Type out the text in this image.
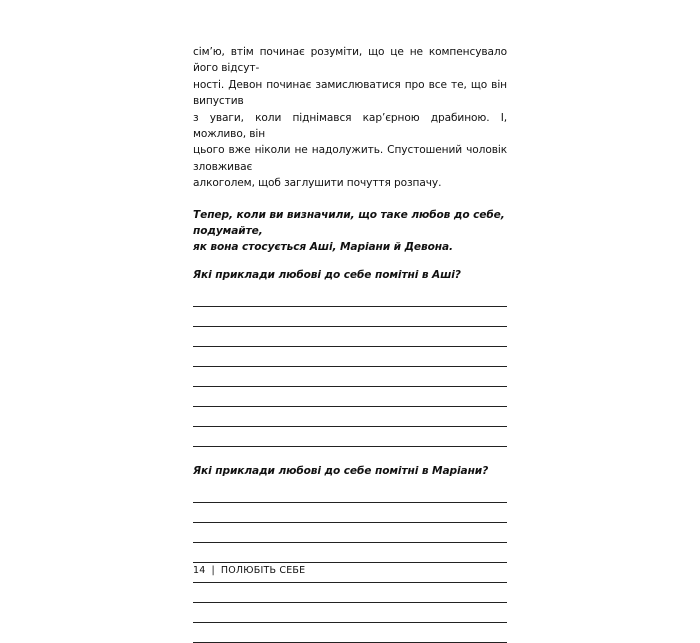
сім’ю, втім починає розуміти, що це не компенсувало його відсут-
ності. Девон починає замислюватися про все те, що він випустив
з уваги, коли піднімався кар’єрною драбиною. І, можливо, він
цього вже ніколи не надолужить. Спустошений чоловік зловживає
алкоголем, щоб заглушити почуття розпачу.

Тепер, коли ви визначили, що таке любов до себе, подумайте,
як вона стосується Аші, Маріани й Девона.

Які приклади любові до себе помітні в Аші?

Які приклади любові до себе помітні в Маріани?

14 | ПОЛЮБІТЬ СЕБЕ
